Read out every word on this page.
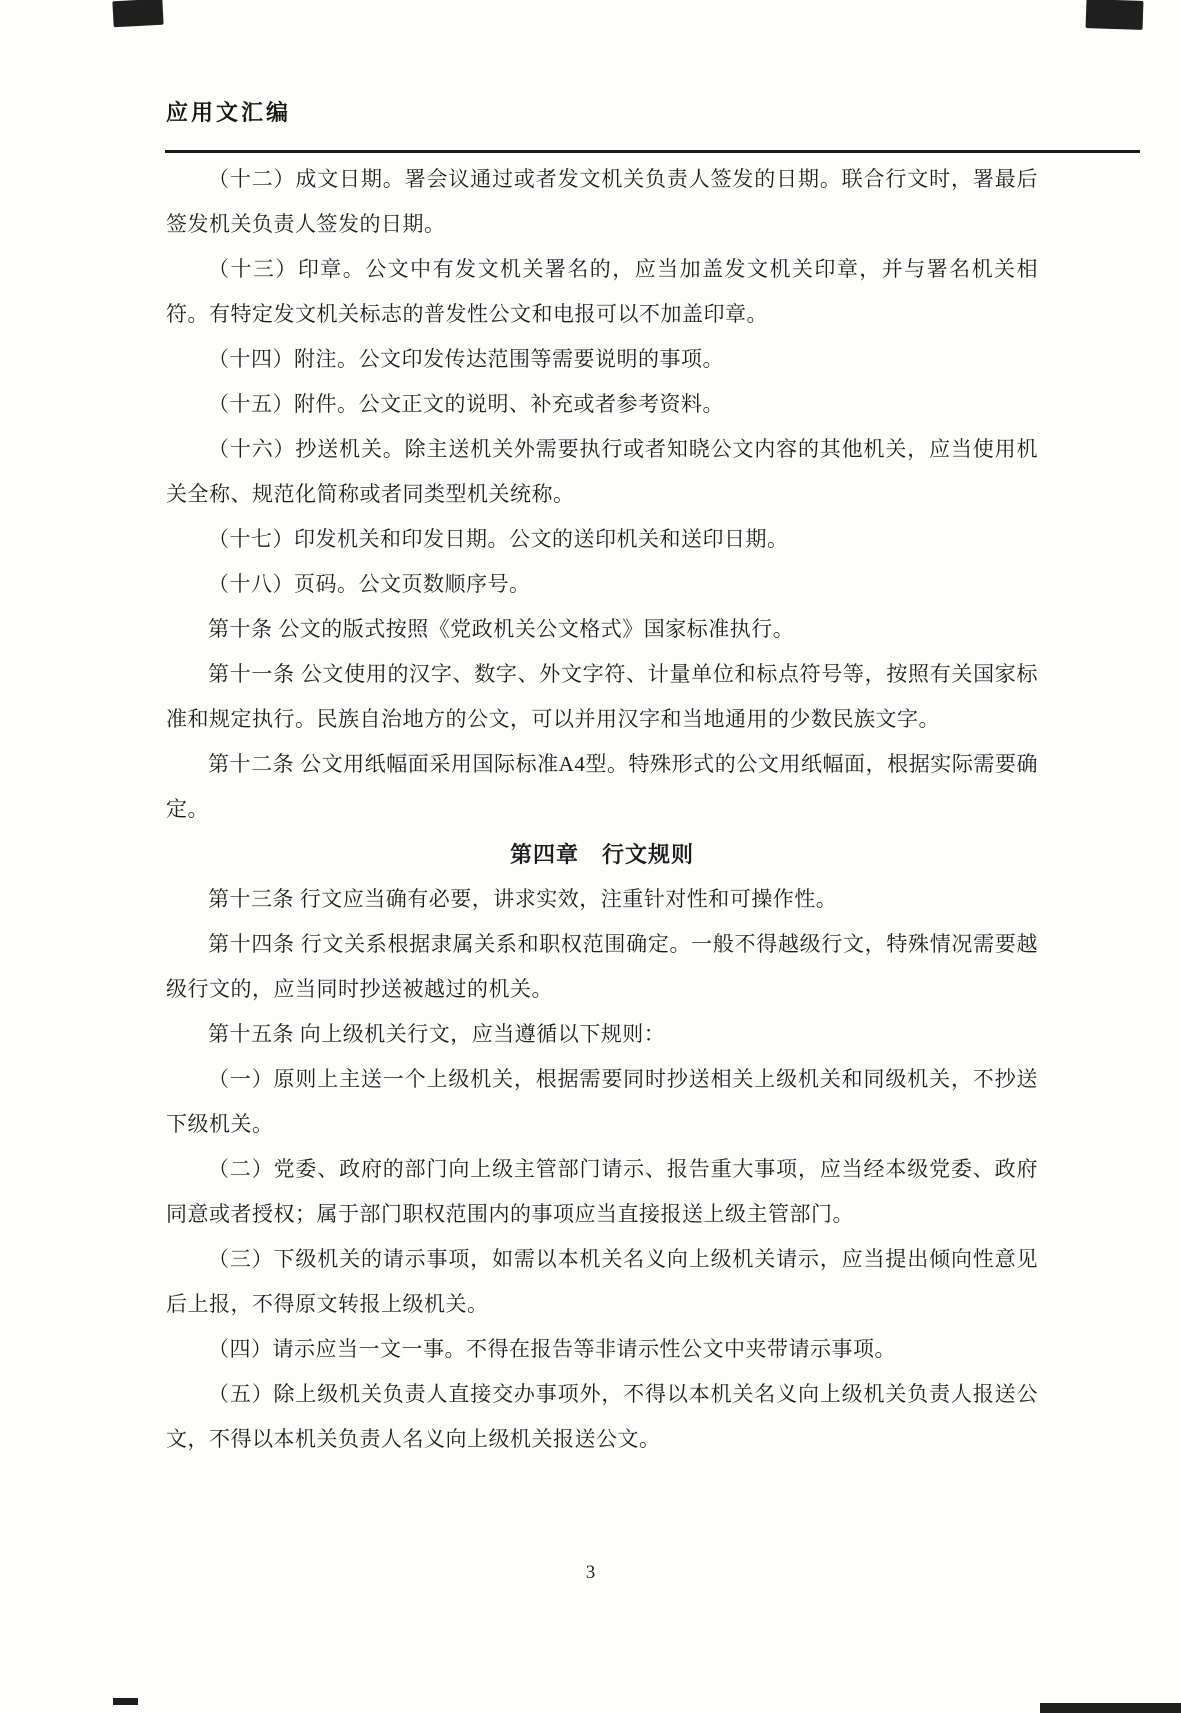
应用文汇编

（十二）成文日期。署会议通过或者发文机关负责人签发的日期。联合行文时，署最后签发机关负责人签发的日期。

（十三）印章。公文中有发文机关署名的，应当加盖发文机关印章，并与署名机关相符。有特定发文机关标志的普发性公文和电报可以不加盖印章。

（十四）附注。公文印发传达范围等需要说明的事项。

（十五）附件。公文正文的说明、补充或者参考资料。

（十六）抄送机关。除主送机关外需要执行或者知晓公文内容的其他机关，应当使用机关全称、规范化简称或者同类型机关统称。

（十七）印发机关和印发日期。公文的送印机关和送印日期。

（十八）页码。公文页数顺序号。

第十条 公文的版式按照《党政机关公文格式》国家标准执行。

第十一条 公文使用的汉字、数字、外文字符、计量单位和标点符号等，按照有关国家标准和规定执行。民族自治地方的公文，可以并用汉字和当地通用的少数民族文字。

第十二条 公文用纸幅面采用国际标准A4型。特殊形式的公文用纸幅面，根据实际需要确定。

第四章　行文规则

第十三条 行文应当确有必要，讲求实效，注重针对性和可操作性。

第十四条 行文关系根据隶属关系和职权范围确定。一般不得越级行文，特殊情况需要越级行文的，应当同时抄送被越过的机关。

第十五条 向上级机关行文，应当遵循以下规则：

（一）原则上主送一个上级机关，根据需要同时抄送相关上级机关和同级机关，不抄送下级机关。

（二）党委、政府的部门向上级主管部门请示、报告重大事项，应当经本级党委、政府同意或者授权；属于部门职权范围内的事项应当直接报送上级主管部门。

（三）下级机关的请示事项，如需以本机关名义向上级机关请示，应当提出倾向性意见后上报，不得原文转报上级机关。

（四）请示应当一文一事。不得在报告等非请示性公文中夹带请示事项。

（五）除上级机关负责人直接交办事项外，不得以本机关名义向上级机关负责人报送公文，不得以本机关负责人名义向上级机关报送公文。

3
